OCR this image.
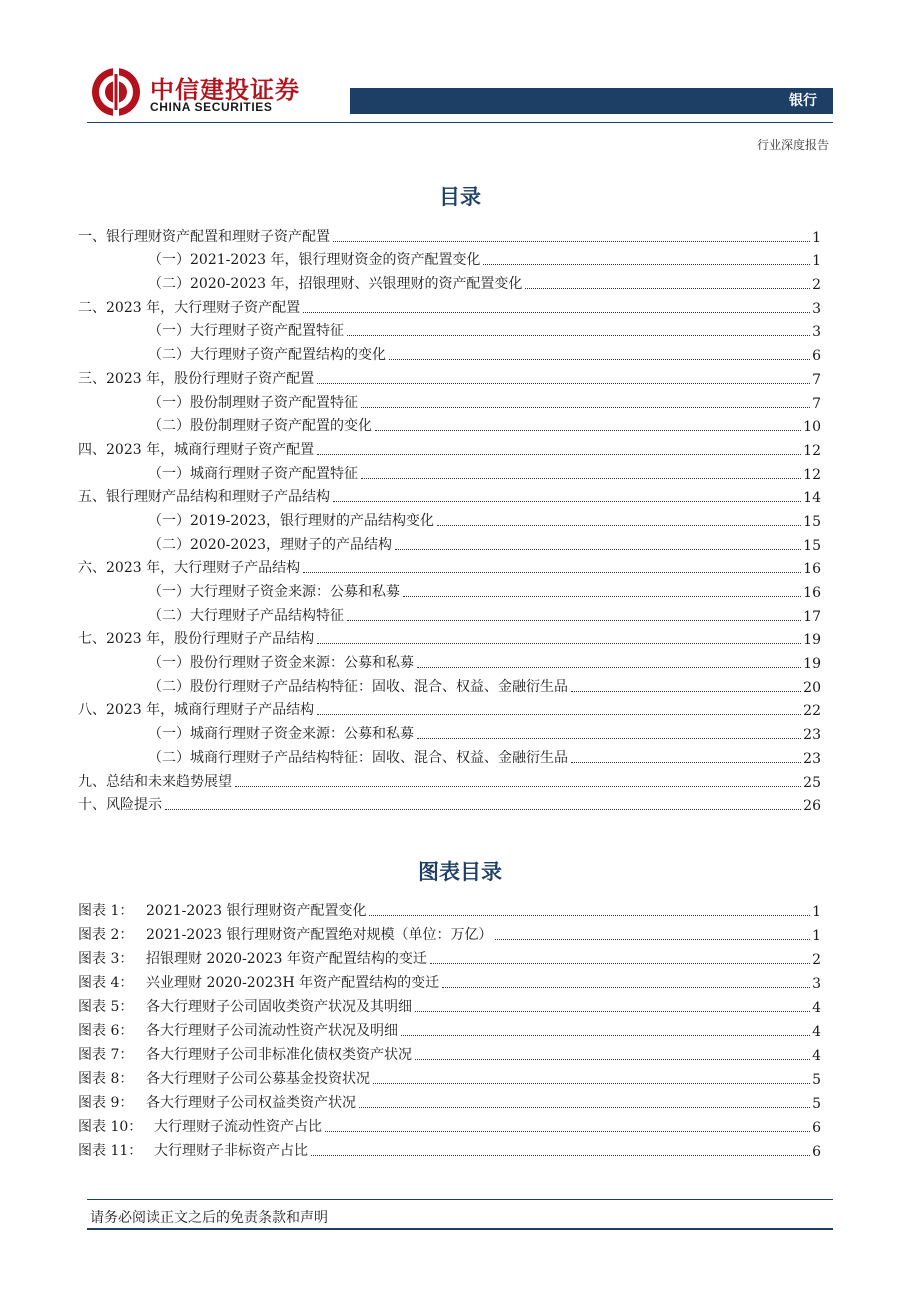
中信建投证券
CHINA SECURITIES	银行
行业深度报告
目录
一、银行理财资产配置和理财子资产配置	1
（一）2021-2023 年，银行理财资金的资产配置变化	1
（二）2020-2023 年，招银理财、兴银理财的资产配置变化	2
二、2023 年，大行理财子资产配置	3
（一）大行理财子资产配置特征	3
（二）大行理财子资产配置结构的变化	6
三、2023 年，股份行理财子资产配置	7
（一）股份制理财子资产配置特征	7
（二）股份制理财子资产配置的变化	10
四、2023 年，城商行理财子资产配置	12
（一）城商行理财子资产配置特征	12
五、银行理财产品结构和理财子产品结构	14
（一）2019-2023，银行理财的产品结构变化	15
（二）2020-2023，理财子的产品结构	15
六、2023 年，大行理财子产品结构	16
（一）大行理财子资金来源：公募和私募	16
（二）大行理财子产品结构特征	17
七、2023 年，股份行理财子产品结构	19
（一）股份行理财子资金来源：公募和私募	19
（二）股份行理财子产品结构特征：固收、混合、权益、金融衍生品	20
八、2023 年，城商行理财子产品结构	22
（一）城商行理财子资金来源：公募和私募	23
（二）城商行理财子产品结构特征：固收、混合、权益、金融衍生品	23
九、总结和未来趋势展望	25
十、风险提示	26
图表目录
图表 1： 2021-2023 银行理财资产配置变化	1
图表 2： 2021-2023 银行理财资产配置绝对规模（单位：万亿）	1
图表 3： 招银理财 2020-2023 年资产配置结构的变迁	2
图表 4： 兴业理财 2020-2023H 年资产配置结构的变迁	3
图表 5： 各大行理财子公司固收类资产状况及其明细	4
图表 6： 各大行理财子公司流动性资产状况及明细	4
图表 7： 各大行理财子公司非标准化债权类资产状况	4
图表 8： 各大行理财子公司公募基金投资状况	5
图表 9： 各大行理财子公司权益类资产状况	5
图表 10： 大行理财子流动性资产占比	6
图表 11： 大行理财子非标资产占比	6
请务必阅读正文之后的免责条款和声明
